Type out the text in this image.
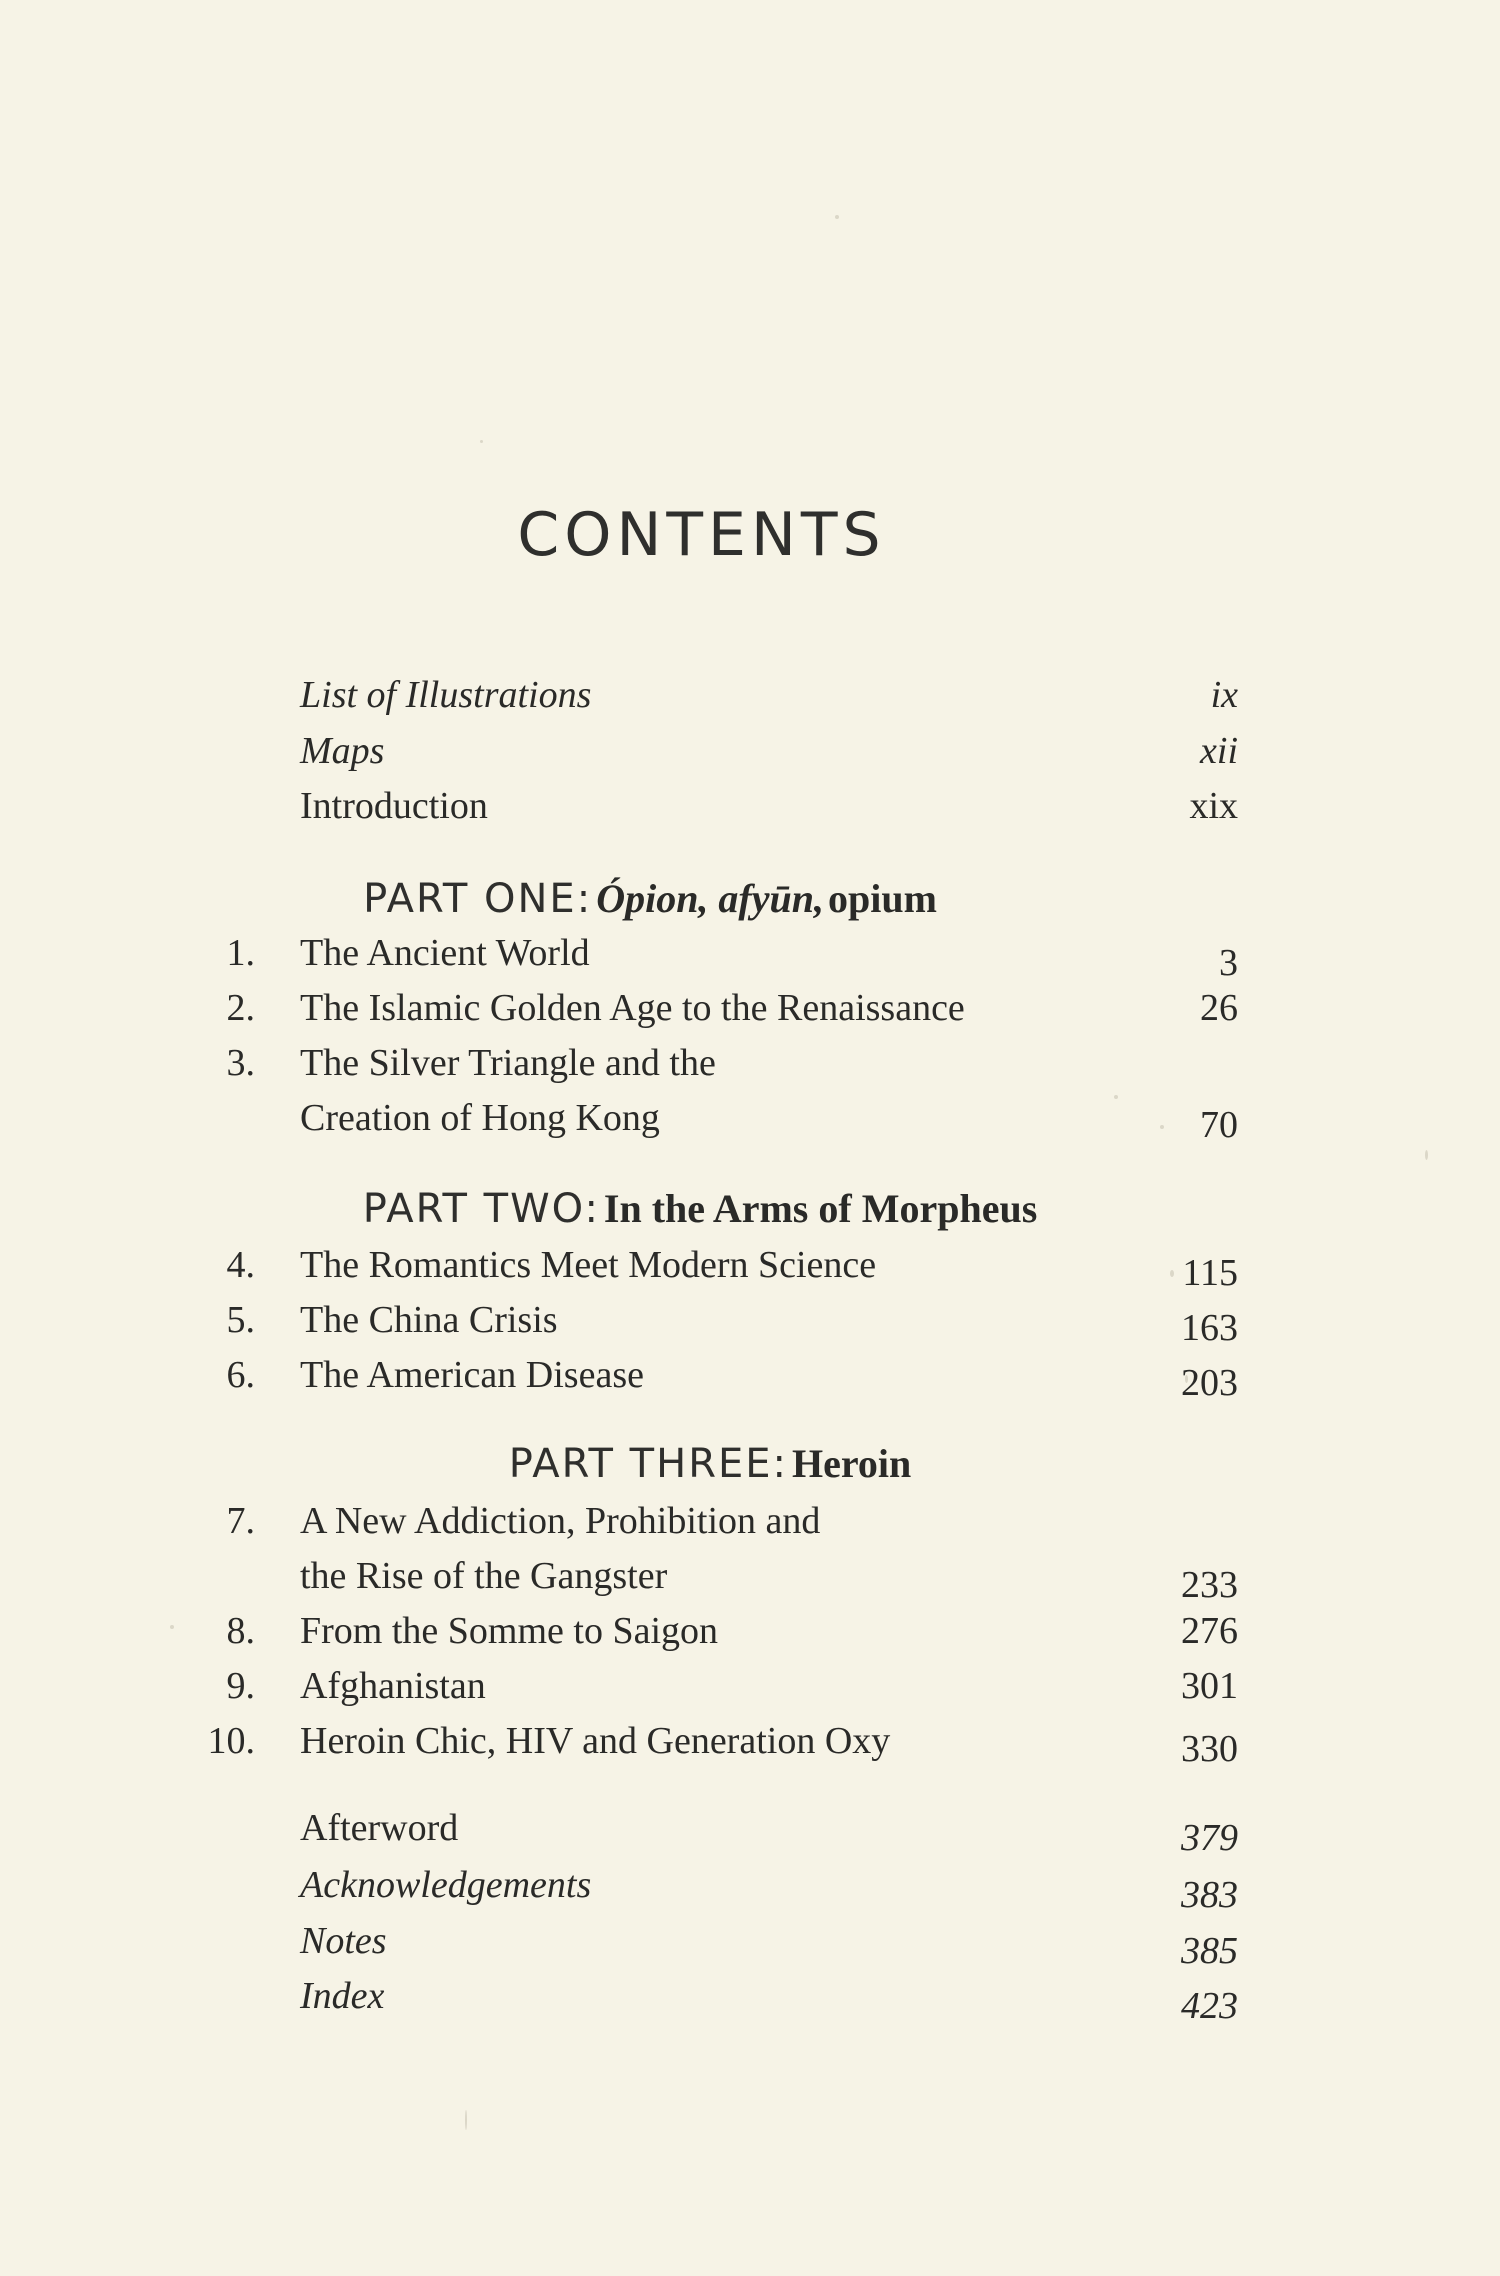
CONTENTS
List of Illustrations	ix
Maps	xii
Introduction	xix
PART ONE: Ópion, afyūn, opium
1. The Ancient World	3
2. The Islamic Golden Age to the Renaissance	26
3. The Silver Triangle and the
Creation of Hong Kong	70
PART TWO: In the Arms of Morpheus
4. The Romantics Meet Modern Science	115
5. The China Crisis	163
6. The American Disease	203
PART THREE: Heroin
7. A New Addiction, Prohibition and
the Rise of the Gangster	233
8. From the Somme to Saigon	276
9. Afghanistan	301
10. Heroin Chic, HIV and Generation Oxy	330
Afterword	379
Acknowledgements	383
Notes	385
Index	423
